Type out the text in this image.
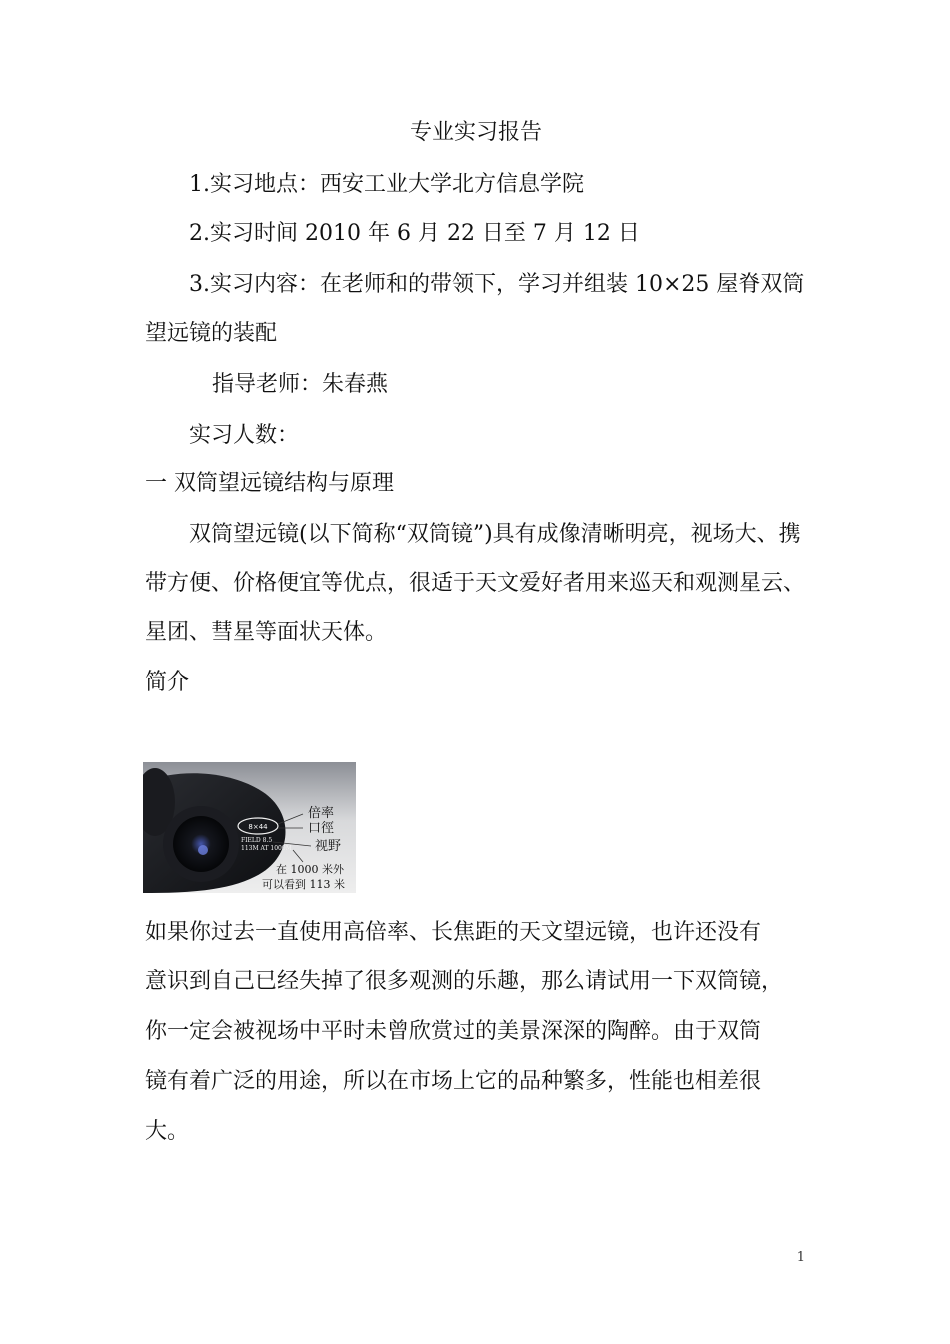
专业实习报告
1.实习地点：西安工业大学北方信息学院
2.实习时间 2010 年 6 月 22 日至 7 月 12 日
3.实习内容：在老师和的带领下，学习并组装 10×25 屋脊双筒
望远镜的装配
指导老师：朱春燕
实习人数：
一 双筒望远镜结构与原理
双筒望远镜(以下简称“双筒镜”)具有成像清晰明亮，视场大、携
带方便、价格便宜等优点，很适于天文爱好者用来巡天和观测星云、
星团、彗星等面状天体。
简介
8×44
FIELD 8.5
113M AT 1000M
倍率
口徑
视野
在 1000 米外
可以看到 113 米
如果你过去一直使用高倍率、长焦距的天文望远镜，也许还没有
意识到自己已经失掉了很多观测的乐趣，那么请试用一下双筒镜，
你一定会被视场中平时未曾欣赏过的美景深深的陶醉。由于双筒
镜有着广泛的用途，所以在市场上它的品种繁多，性能也相差很
大。
1
